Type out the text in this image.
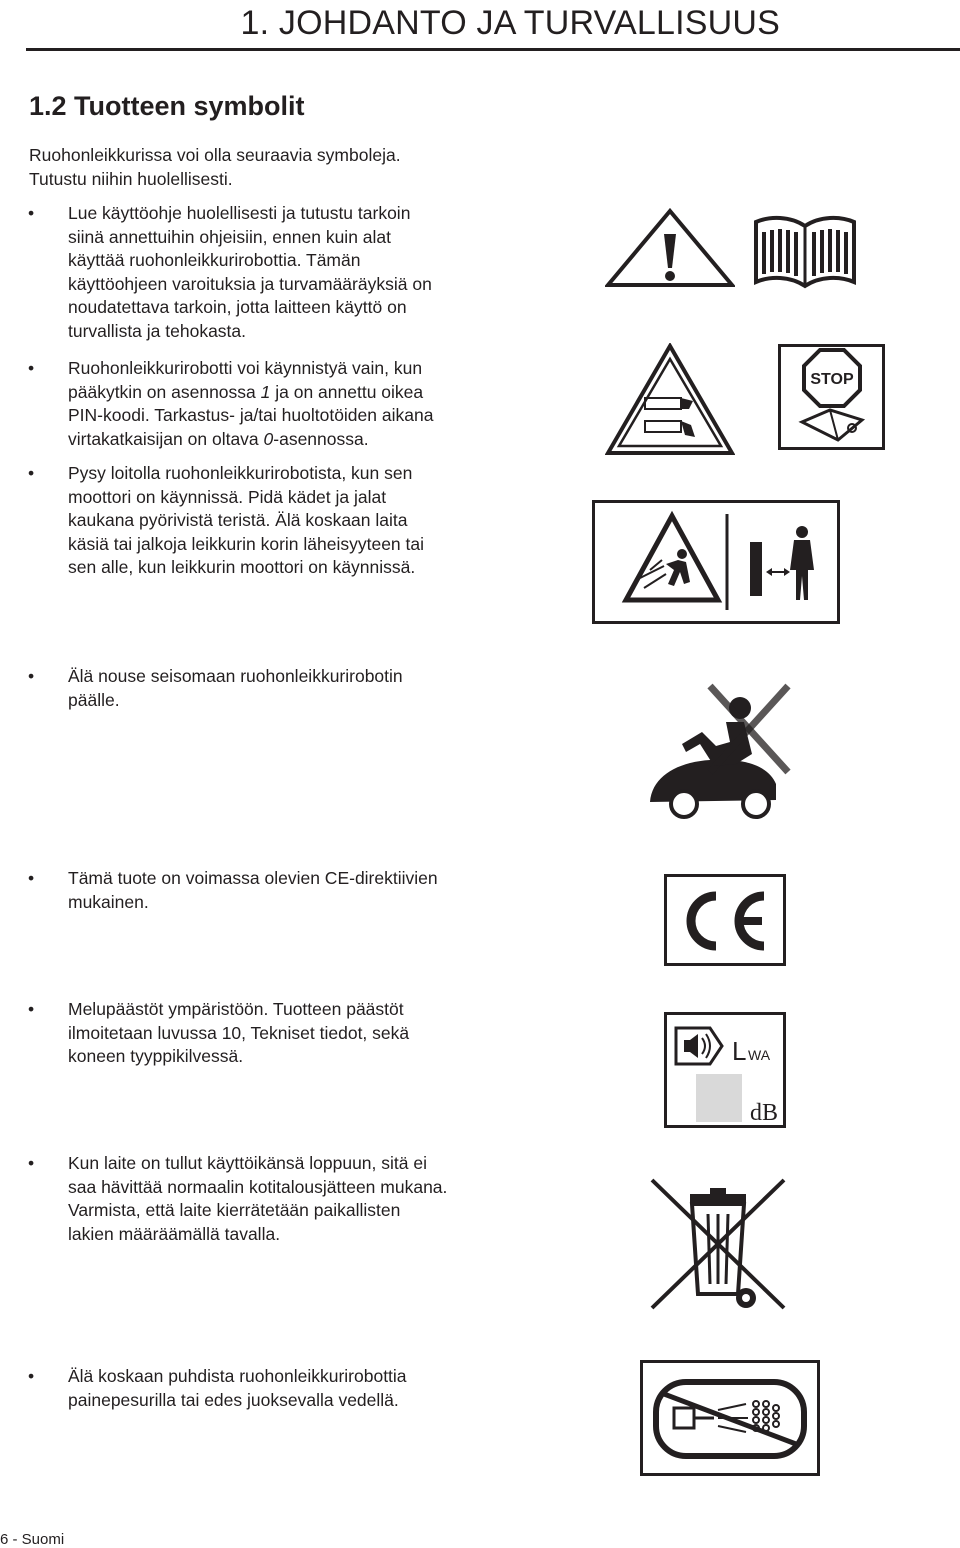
1. JOHDANTO JA TURVALLISUUS
1.2 Tuotteen symbolit
Ruohonleikkurissa voi olla seuraavia symboleja.
Tutustu niihin huolellisesti.
• Lue käyttöohje huolellisesti ja tutustu tarkoin
siinä annettuihin ohjeisiin, ennen kuin alat
käyttää ruohonleikkurirobottia. Tämän
käyttöohjeen varoituksia ja turvamääräyksiä on
noudatettava tarkoin, jotta laitteen käyttö on
turvallista ja tehokasta.
• Ruohonleikkurirobotti voi käynnistyä vain, kun
pääkytkin on asennossa 1 ja on annettu oikea
PIN-koodi. Tarkastus- ja/tai huoltotöiden aikana
virtakatkaisijan on oltava 0-asennossa.
• Pysy loitolla ruohonleikkurirobotista, kun sen
moottori on käynnissä. Pidä kädet ja jalat
kaukana pyörivistä teristä. Älä koskaan laita
käsiä tai jalkoja leikkurin korin läheisyyteen tai
sen alle, kun leikkurin moottori on käynnissä.
• Älä nouse seisomaan ruohonleikkurirobotin
päälle.
• Tämä tuote on voimassa olevien CE-direktiivien
mukainen.
• Melupäästöt ympäristöön. Tuotteen päästöt
ilmoitetaan luvussa 10, Tekniset tiedot, sekä
koneen tyyppikilvessä.
• Kun laite on tullut käyttöikänsä loppuun, sitä ei
saa hävittää normaalin kotitalousjätteen mukana.
Varmista, että laite kierrätetään paikallisten
lakien määräämällä tavalla.
• Älä koskaan puhdista ruohonleikkurirobottia
painepesurilla tai edes juoksevalla vedellä.
STOP
L WA
dB
6 - Suomi
